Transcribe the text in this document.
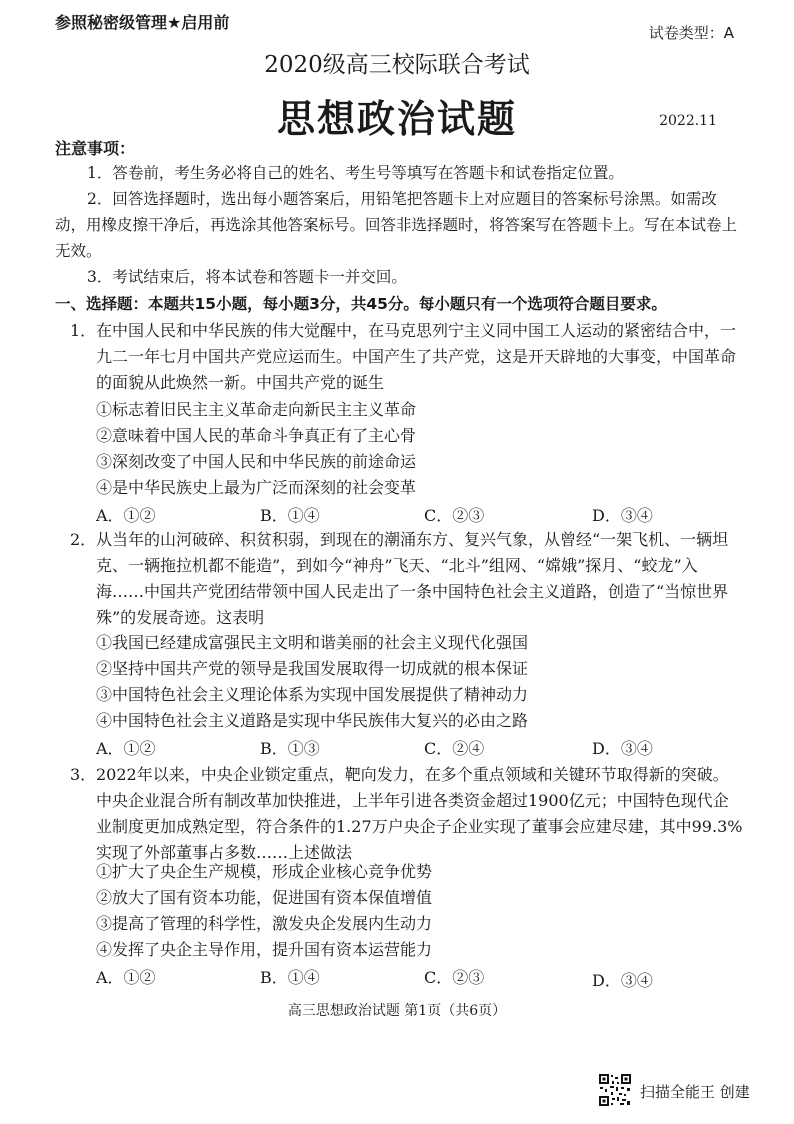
参照秘密级管理★启用前
试卷类型：A
2020级高三校际联合考试
思想政治试题	2022.11
注意事项：
1．答卷前，考生务必将自己的姓名、考生号等填写在答题卡和试卷指定位置。
2．回答选择题时，选出每小题答案后，用铅笔把答题卡上对应题目的答案标号涂黑。如需改动，用橡皮擦干净后，再选涂其他答案标号。回答非选择题时，将答案写在答题卡上。写在本试卷上无效。
3．考试结束后，将本试卷和答题卡一并交回。
一、选择题：本题共15小题，每小题3分，共45分。每小题只有一个选项符合题目要求。
1． 在中国人民和中华民族的伟大觉醒中，在马克思列宁主义同中国工人运动的紧密结合中，一九二一年七月中国共产党应运而生。中国产生了共产党，这是开天辟地的大事变，中国革命的面貌从此焕然一新。中国共产党的诞生
①标志着旧民主主义革命走向新民主主义革命
②意味着中国人民的革命斗争真正有了主心骨
③深刻改变了中国人民和中华民族的前途命运
④是中华民族史上最为广泛而深刻的社会变革
A．①②	B．①④	C．②③	D．③④
2． 从当年的山河破碎、积贫积弱，到现在的潮涌东方、复兴气象，从曾经“一架飞机、一辆坦克、一辆拖拉机都不能造”，到如今“神舟”飞天、“北斗”组网、“嫦娥”探月、“蛟龙”入海……中国共产党团结带领中国人民走出了一条中国特色社会主义道路，创造了“当惊世界殊”的发展奇迹。这表明
①我国已经建成富强民主文明和谐美丽的社会主义现代化强国
②坚持中国共产党的领导是我国发展取得一切成就的根本保证
③中国特色社会主义理论体系为实现中国发展提供了精神动力
④中国特色社会主义道路是实现中华民族伟大复兴的必由之路
A．①②	B．①③	C．②④	D．③④
3． 2022年以来，中央企业锁定重点，靶向发力，在多个重点领域和关键环节取得新的突破。中央企业混合所有制改革加快推进，上半年引进各类资金超过1900亿元；中国特色现代企业制度更加成熟定型，符合条件的1.27万户央企子企业实现了董事会应建尽建，其中99.3%实现了外部董事占多数……上述做法
①扩大了央企生产规模，形成企业核心竞争优势
②放大了国有资本功能，促进国有资本保值增值
③提高了管理的科学性，激发央企发展内生动力
④发挥了央企主导作用，提升国有资本运营能力
A．①②	B．①④	C．②③	D．③④
高三思想政治试题 第1页（共6页）
扫描全能王 创建
